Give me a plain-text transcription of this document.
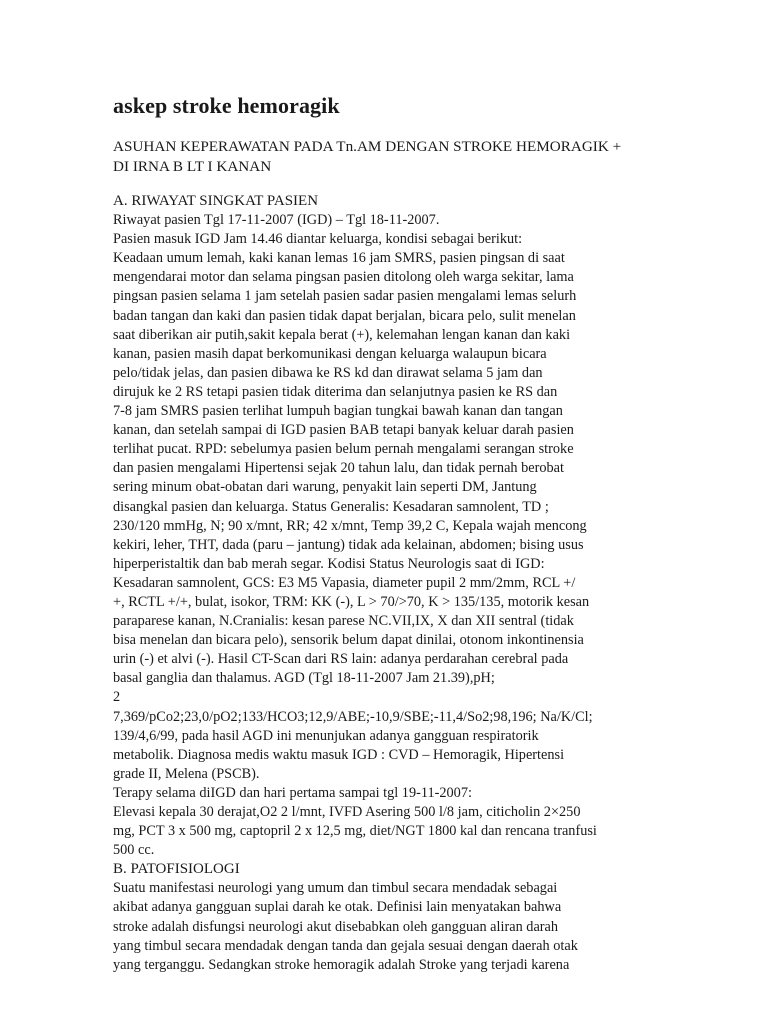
askep stroke hemoragik

ASUHAN KEPERAWATAN PADA Tn.AM DENGAN STROKE HEMORAGIK +
DI IRNA B LT I KANAN

A. RIWAYAT SINGKAT PASIEN
Riwayat pasien Tgl 17-11-2007 (IGD) – Tgl 18-11-2007.
Pasien masuk IGD Jam 14.46 diantar keluarga, kondisi sebagai berikut:
Keadaan umum lemah, kaki kanan lemas 16 jam SMRS, pasien pingsan di saat
mengendarai motor dan selama pingsan pasien ditolong oleh warga sekitar, lama
pingsan pasien selama 1 jam setelah pasien sadar pasien mengalami lemas selurh
badan tangan dan kaki dan pasien tidak dapat berjalan, bicara pelo, sulit menelan
saat diberikan air putih,sakit kepala berat (+), kelemahan lengan kanan dan kaki
kanan, pasien masih dapat berkomunikasi dengan keluarga walaupun bicara
pelo/tidak jelas, dan pasien dibawa ke RS kd dan dirawat selama 5 jam dan
dirujuk ke 2 RS tetapi pasien tidak diterima dan selanjutnya pasien ke RS dan
7-8 jam SMRS pasien terlihat lumpuh bagian tungkai bawah kanan dan tangan
kanan, dan setelah sampai di IGD pasien BAB tetapi banyak keluar darah pasien
terlihat pucat. RPD: sebelumya pasien belum pernah mengalami serangan stroke
dan pasien mengalami Hipertensi sejak 20 tahun lalu, dan tidak pernah berobat
sering minum obat-obatan dari warung, penyakit lain seperti DM, Jantung
disangkal pasien dan keluarga. Status Generalis: Kesadaran samnolent, TD ;
230/120 mmHg, N; 90 x/mnt, RR; 42 x/mnt, Temp 39,2 C, Kepala wajah mencong
kekiri, leher, THT, dada (paru – jantung) tidak ada kelainan, abdomen; bising usus
hiperperistaltik dan bab merah segar. Kodisi Status Neurologis saat di IGD:
Kesadaran samnolent, GCS: E3 M5 Vapasia, diameter pupil 2 mm/2mm, RCL +/
+, RCTL +/+, bulat, isokor, TRM: KK (-), L > 70/>70, K > 135/135, motorik kesan
paraparese kanan, N.Cranialis: kesan parese NC.VII,IX, X dan XII sentral (tidak
bisa menelan dan bicara pelo), sensorik belum dapat dinilai, otonom inkontinensia
urin (-) et alvi (-). Hasil CT-Scan dari RS lain: adanya perdarahan cerebral pada
basal ganglia dan thalamus. AGD (Tgl 18-11-2007 Jam 21.39),pH;
2
7,369/pCo2;23,0/pO2;133/HCO3;12,9/ABE;-10,9/SBE;-11,4/So2;98,196; Na/K/Cl;
139/4,6/99, pada hasil AGD ini menunjukan adanya gangguan respiratorik
metabolik. Diagnosa medis waktu masuk IGD : CVD – Hemoragik, Hipertensi
grade II, Melena (PSCB).
Terapy selama diIGD dan hari pertama sampai tgl 19-11-2007:
Elevasi kepala 30 derajat,O2 2 l/mnt, IVFD Asering 500 l/8 jam, citicholin 2×250
mg, PCT 3 x 500 mg, captopril 2 x 12,5 mg, diet/NGT 1800 kal dan rencana tranfusi
500 cc.
B. PATOFISIOLOGI
Suatu manifestasi neurologi yang umum dan timbul secara mendadak sebagai
akibat adanya gangguan suplai darah ke otak. Definisi lain menyatakan bahwa
stroke adalah disfungsi neurologi akut disebabkan oleh gangguan aliran darah
yang timbul secara mendadak dengan tanda dan gejala sesuai dengan daerah otak
yang terganggu. Sedangkan stroke hemoragik adalah Stroke yang terjadi karena
